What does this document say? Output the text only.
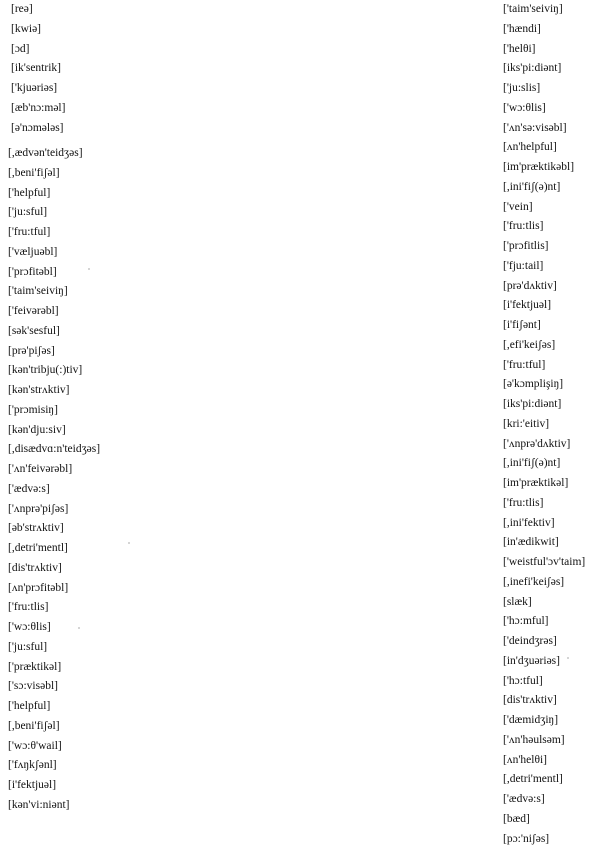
[reə]
[kwiə]
[ɔd]
[ik'sentrik]
['kjuəriəs]
[æb'nɔ:məl]
[ə'nɔmələs]
[,ædvən'teidʒəs]
[,beni'fiʃəl]
['helpful]
['ju:sful]
['fru:tful]
['væljuəbl]
['prɔfitəbl]
['taim'seiviŋ]
['feivərəbl]
[sək'sesful]
[prə'piʃəs]
[kən'tribju(:)tiv]
[kən'strʌktiv]
['prɔmisiŋ]
[kən'dju:siv]
[,disædvɑ:n'teidʒəs]
['ʌn'feivərəbl]
['ædvə:s]
['ʌnprə'piʃəs]
[əb'strʌktiv]
[,detri'mentl]
[dis'trʌktiv]
[ʌn'prɔfitəbl]
['fru:tlis]
['wɔ:θlis]
['ju:sful]
['præktikəl]
['sɔ:visəbl]
['helpful]
[,beni'fiʃəl]
['wɔ:θ'wail]
['fʌŋkʃənl]
[i'fektjuəl]
[kən'vi:niənt]
['taim'seiviŋ]
['hændi]
['helθi]
[iks'pi:diənt]
['ju:slis]
['wɔ:θlis]
['ʌn'sə:visəbl]
[ʌn'helpful]
[im'præktikəbl]
[,ini'fiʃ(ə)nt]
['vein]
['fru:tlis]
['prɔfitlis]
['fju:tail]
[prə'dʌktiv]
[i'fektjuəl]
[i'fiʃənt]
[,efi'keiʃəs]
['fru:tful]
[ə'kɔmplişiŋ]
[iks'pi:diənt]
[kri:'eitiv]
['ʌnprə'dʌktiv]
[,ini'fiʃ(ə)nt]
[im'præktikəl]
['fru:tlis]
[,ini'fektiv]
[in'ædikwit]
['weistful'ɔv'taim]
[,inefi'keiʃəs]
[slæk]
['hɔ:mful]
['deindʒrəs]
[in'dʒuəriəs]
['hɔ:tful]
[dis'trʌktiv]
['dæmidʒiŋ]
['ʌn'həulsəm]
[ʌn'helθi]
[,detri'mentl]
['ædvə:s]
[bæd]
[pɔ:'niʃəs]
